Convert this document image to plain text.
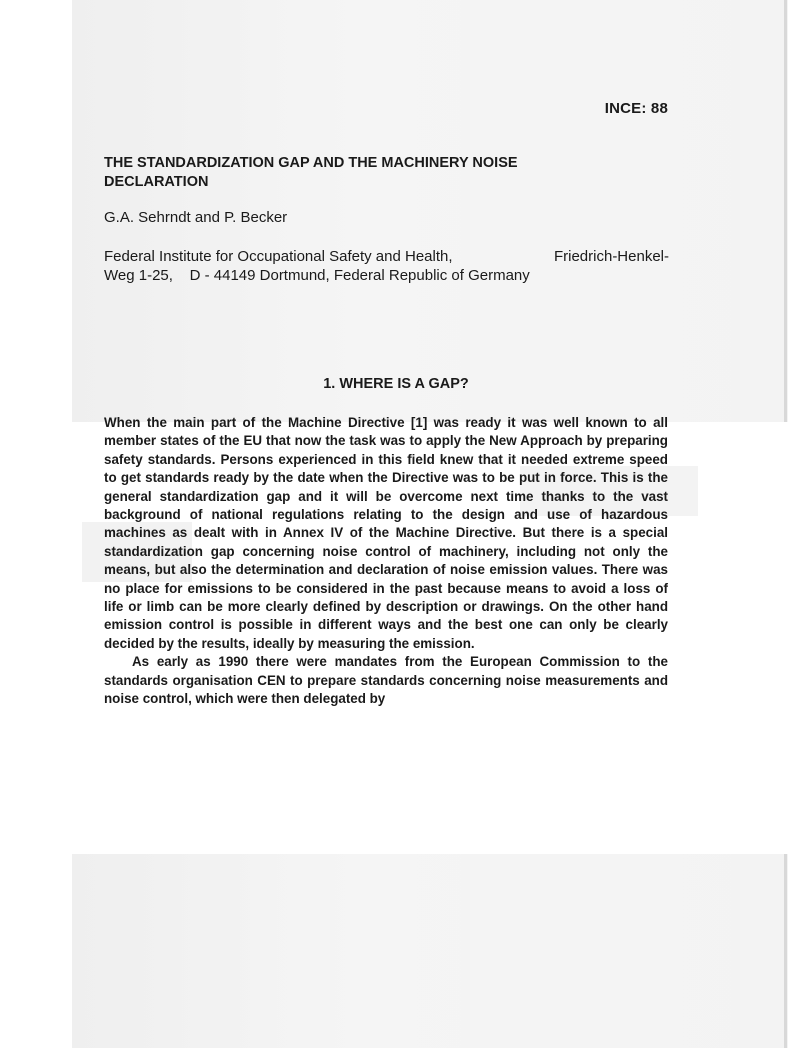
INCE: 88
THE STANDARDIZATION GAP AND THE MACHINERY NOISE DECLARATION

G.A. Sehrndt and P. Becker

Federal Institute for Occupational Safety and Health,	Friedrich-Henkel-
Weg 1-25,    D - 44149 Dortmund, Federal Republic of Germany
1. WHERE IS A GAP?

When the main part of the Machine Directive [1] was ready it was well known to all member states of the EU that now the task was to apply the New Approach by preparing safety standards. Persons experienced in this field knew that it needed extreme speed to get standards ready by the date when the Directive was to be put in force. This is the general standardization gap and it will be overcome next time thanks to the vast background of national regulations relating to the design and use of hazardous machines as dealt with in Annex IV of the Machine Directive. But there is a special standardization gap concerning noise control of machinery, including not only the means, but also the determination and declaration of noise emission values. There was no place for emissions to be considered in the past because means to avoid a loss of life or limb can be more clearly defined by description or drawings. On the other hand emission control is possible in different ways and the best one can only be clearly decided by the results, ideally by measuring the emission.

As early as 1990 there were mandates from the European Commission to the standards organisation CEN to prepare standards concerning noise measurements and noise control, which were then delegated by
